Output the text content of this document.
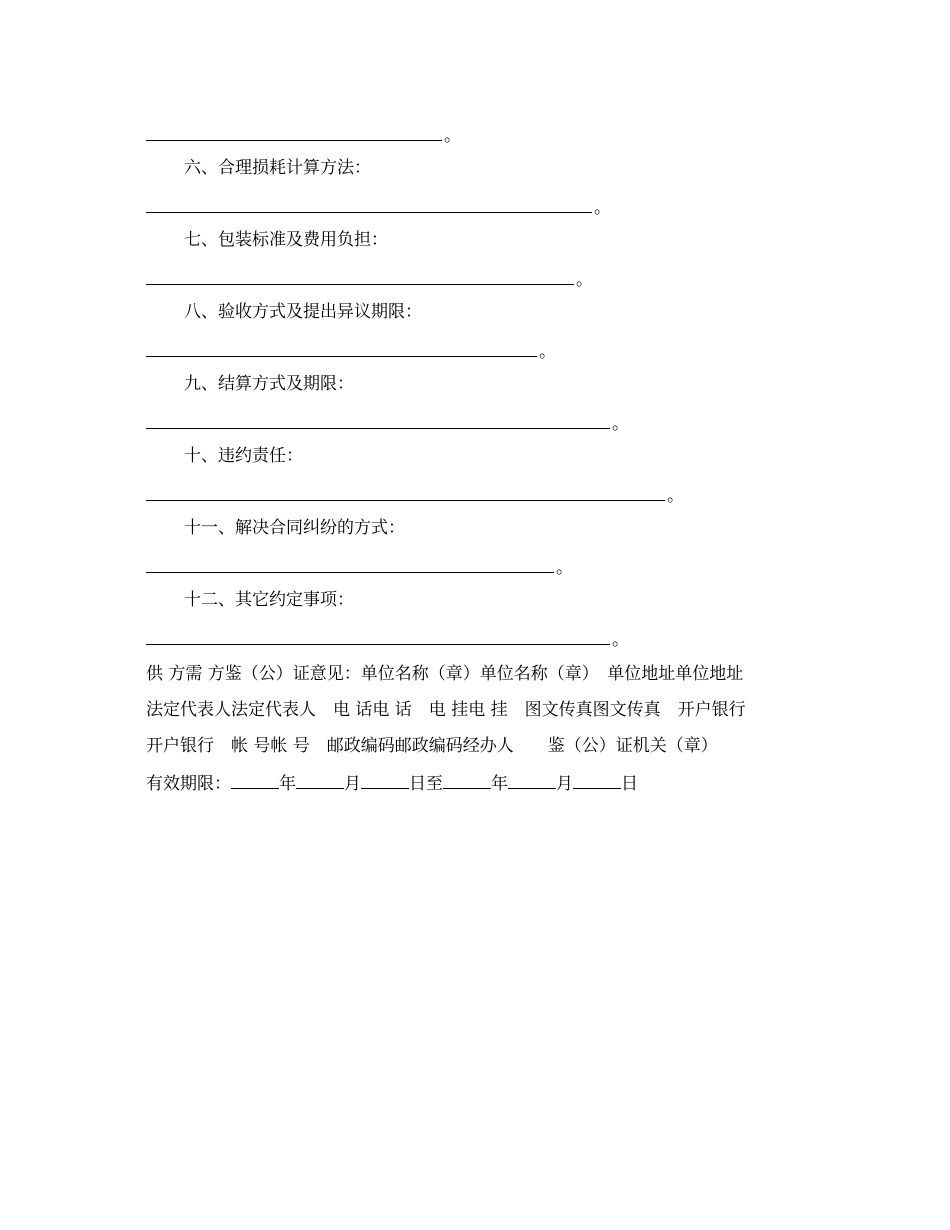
。
六、合理损耗计算方法：
。
七、包装标准及费用负担：
。
八、验收方式及提出异议期限：
。
九、结算方式及期限：
。
十、违约责任：
。
十一、解决合同纠纷的方式：
。
十二、其它约定事项：
。
供 方需 方鉴（公）证意见：单位名称（章）单位名称（章）　单位地址单位地址
法定代表人法定代表人　电 话电 话　电 挂电 挂　图文传真图文传真　开户银行
开户银行　帐 号帐 号　邮政编码邮政编码经办人　　鉴（公）证机关（章）
有效期限：	年	月	日至	年	月	日
